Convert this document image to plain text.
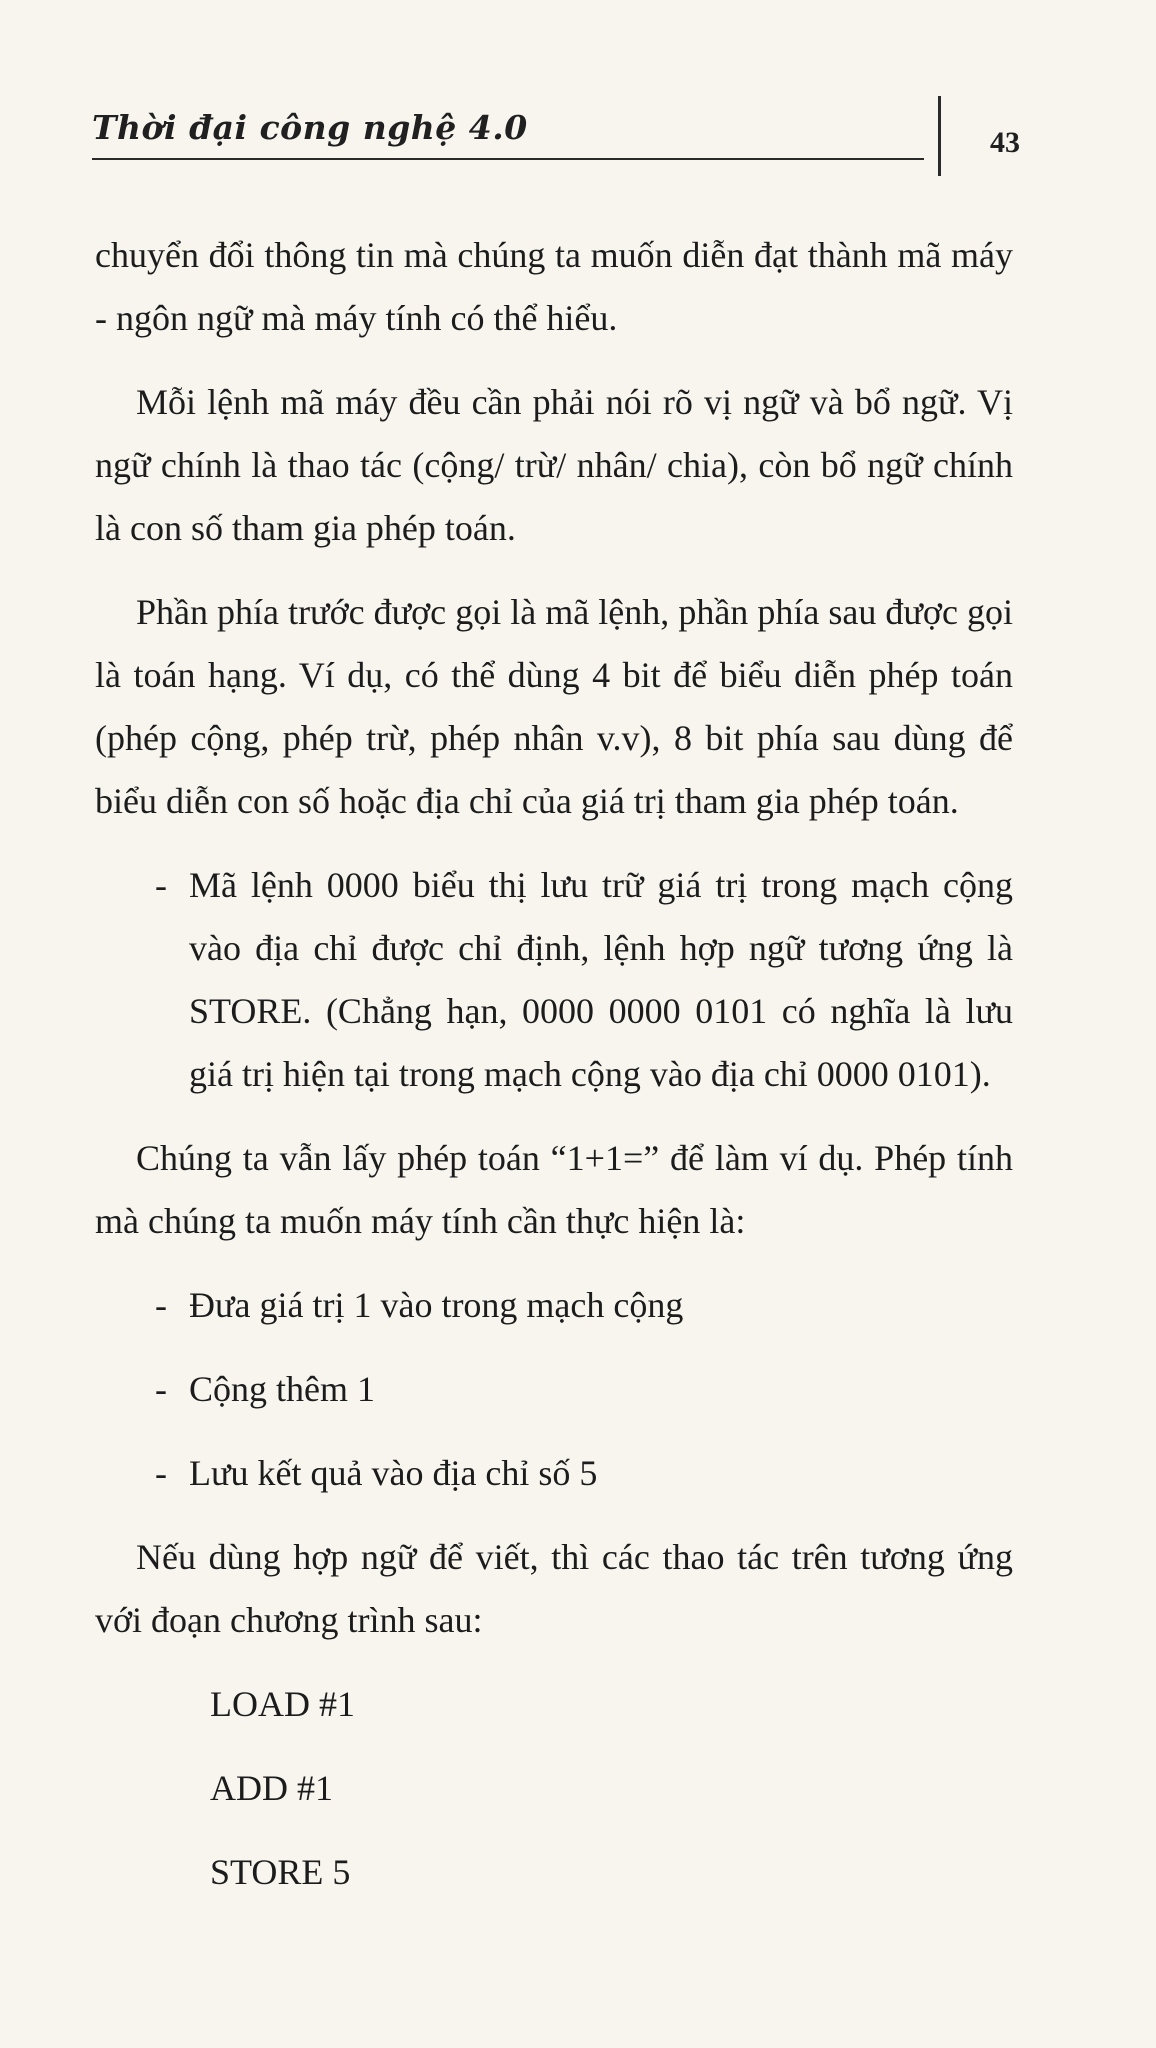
Thời đại công nghệ 4.0	43

chuyển đổi thông tin mà chúng ta muốn diễn đạt thành mã máy - ngôn ngữ mà máy tính có thể hiểu.

Mỗi lệnh mã máy đều cần phải nói rõ vị ngữ và bổ ngữ. Vị ngữ chính là thao tác (cộng/ trừ/ nhân/ chia), còn bổ ngữ chính là con số tham gia phép toán.

Phần phía trước được gọi là mã lệnh, phần phía sau được gọi là toán hạng. Ví dụ, có thể dùng 4 bit để biểu diễn phép toán (phép cộng, phép trừ, phép nhân v.v), 8 bit phía sau dùng để biểu diễn con số hoặc địa chỉ của giá trị tham gia phép toán.

- Mã lệnh 0000 biểu thị lưu trữ giá trị trong mạch cộng vào địa chỉ được chỉ định, lệnh hợp ngữ tương ứng là STORE. (Chẳng hạn, 0000 0000 0101 có nghĩa là lưu giá trị hiện tại trong mạch cộng vào địa chỉ 0000 0101).

Chúng ta vẫn lấy phép toán “1+1=” để làm ví dụ. Phép tính mà chúng ta muốn máy tính cần thực hiện là:

- Đưa giá trị 1 vào trong mạch cộng
- Cộng thêm 1
- Lưu kết quả vào địa chỉ số 5

Nếu dùng hợp ngữ để viết, thì các thao tác trên tương ứng với đoạn chương trình sau:

LOAD #1
ADD #1
STORE 5
